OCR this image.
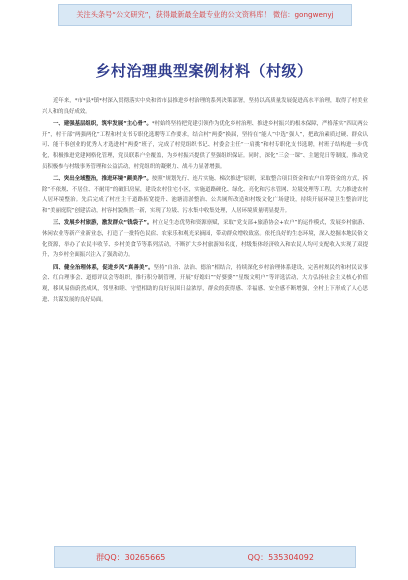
关注头条号“公文研究”，获得最新最全最专业的公文资料库！ 微信：gongwenyj
乡村治理典型案例材料（村级）

近年来，*市*县*镇*村深入贯彻落实中央和省市县推进乡村治理的系列决策部署，坚持以高质量发展促进高水平治理，取得了村美业兴人和的良好成效。

一、建强基层组织，筑牢发展“主心骨”。*村始终坚持把党建引领作为优化乡村治理、推进乡村振兴的根本保障，严格落实“四议两公开”，村干部“两强两化”工程和村支书专职化选聘等工作要求，结合村“两委”换届，坚持在“能人”中选“强人”，把政治素质过硬、群众认可、能干事创业的优秀人才选进村“两委”班子，完成了村党组织书记、村委会主任“一肩挑”和村专职化支书选聘，村班子结构进一步优化，积极推进党建网格化管理，党员联系户全覆盖，为乡村振兴提供了坚强组织保证。同时，深化“三会一课”、主题党日等制度，推动党员积极参与村级事务管理和公益活动，村党组织的凝聚力、战斗力显著增强。

二、突出全域整治，推进环境“颜美净”。按照“规划先行、连片实施、梯次推进”原则，采取整合项目资金和农户自筹资金的方式，拆除“不依规、不居住、不耐用”的破旧房屋，建设农村住宅小区，实施道路硬化、绿化、亮化和污水管网、垃圾处理等工程，大力推进农村人居环境整治。先后完成了村庄主干道路拓宽提升、池塘清淤整治、公共厕所改造和村级文化广场建设，持续开展环境卫生整治评比和“美丽庭院”创建活动，村容村貌焕然一新，实现了垃圾、污水集中收集处理，人居环境质量明显提升。

三、发展乡村旅游，激发群众“钱袋子”。村立足生态优势和资源禀赋，采取“党支部+旅游协会+农户”的运作模式，发展乡村旅游、休闲农业等新产业新业态，打造了一批特色民宿、农家乐和观光采摘园，带动群众增收致富。依托良好的生态环境，深入挖掘本地民俗文化资源，举办了农民丰收节、乡村美食节等系列活动，不断扩大乡村旅游知名度，村级集体经济收入和农民人均可支配收入实现了双提升，为乡村全面振兴注入了强劲动力。

四、健全治理体系，促进乡风“真善美”。坚持“自治、法治、德治”相结合，持续深化乡村治理体系建设，完善村规民约和村民议事会、红白理事会、道德评议会等组织，推行积分制管理，开展“好媳妇”“好婆婆”“星级文明户”等评选活动，大力弘扬社会主义核心价值观，移风易俗蔚然成风，邻里和睦、守望相助的良好氛围日益浓厚，群众的获得感、幸福感、安全感不断增强，全村上下形成了人心思进、共谋发展的良好局面。

群QQ：30265665	QQ：535304092
